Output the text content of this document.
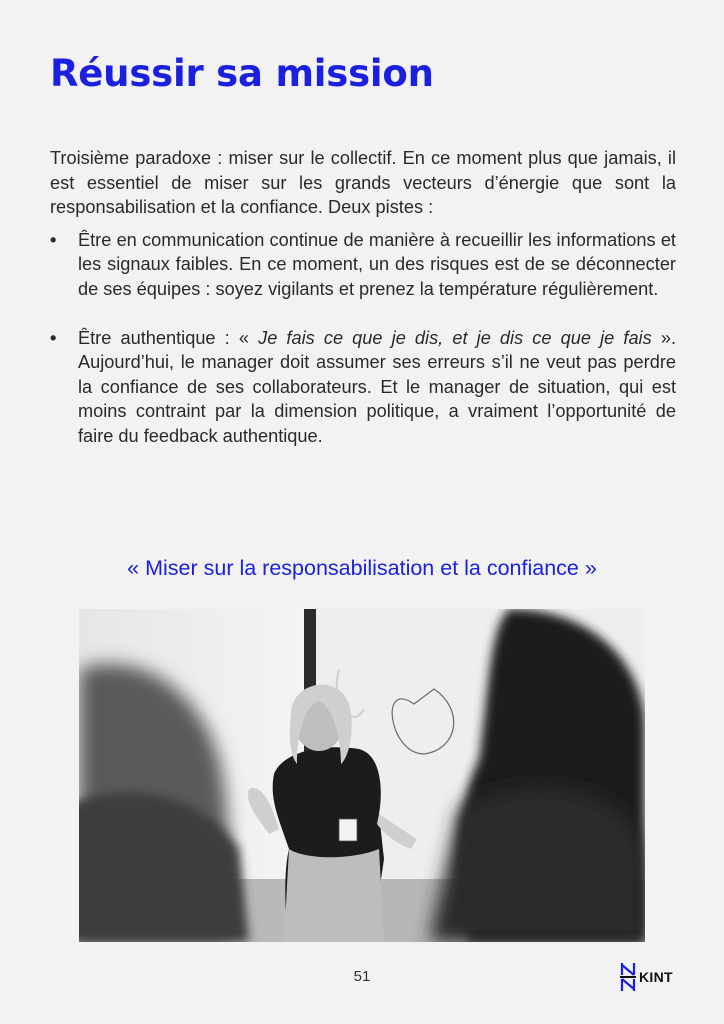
Réussir sa mission

Troisième paradoxe : miser sur le collectif. En ce moment plus que jamais, il est essentiel de miser sur les grands vecteurs d’énergie que sont la responsabilisation et la confiance. Deux pistes :

• Être en communication continue de manière à recueillir les informations et les signaux faibles. En ce moment, un des risques est de se déconnecter de ses équipes : soyez vigilants et prenez la température régulièrement.
• Être authentique : « Je fais ce que je dis, et je dis ce que je fais ». Aujourd’hui, le manager doit assumer ses erreurs s’il ne veut pas perdre la confiance de ses collaborateurs. Et le manager de situation, qui est moins contraint par la dimension politique, a vraiment l’opportunité de faire du feedback authentique.
« Miser sur la responsabilisation et la confiance »
51	KINT
